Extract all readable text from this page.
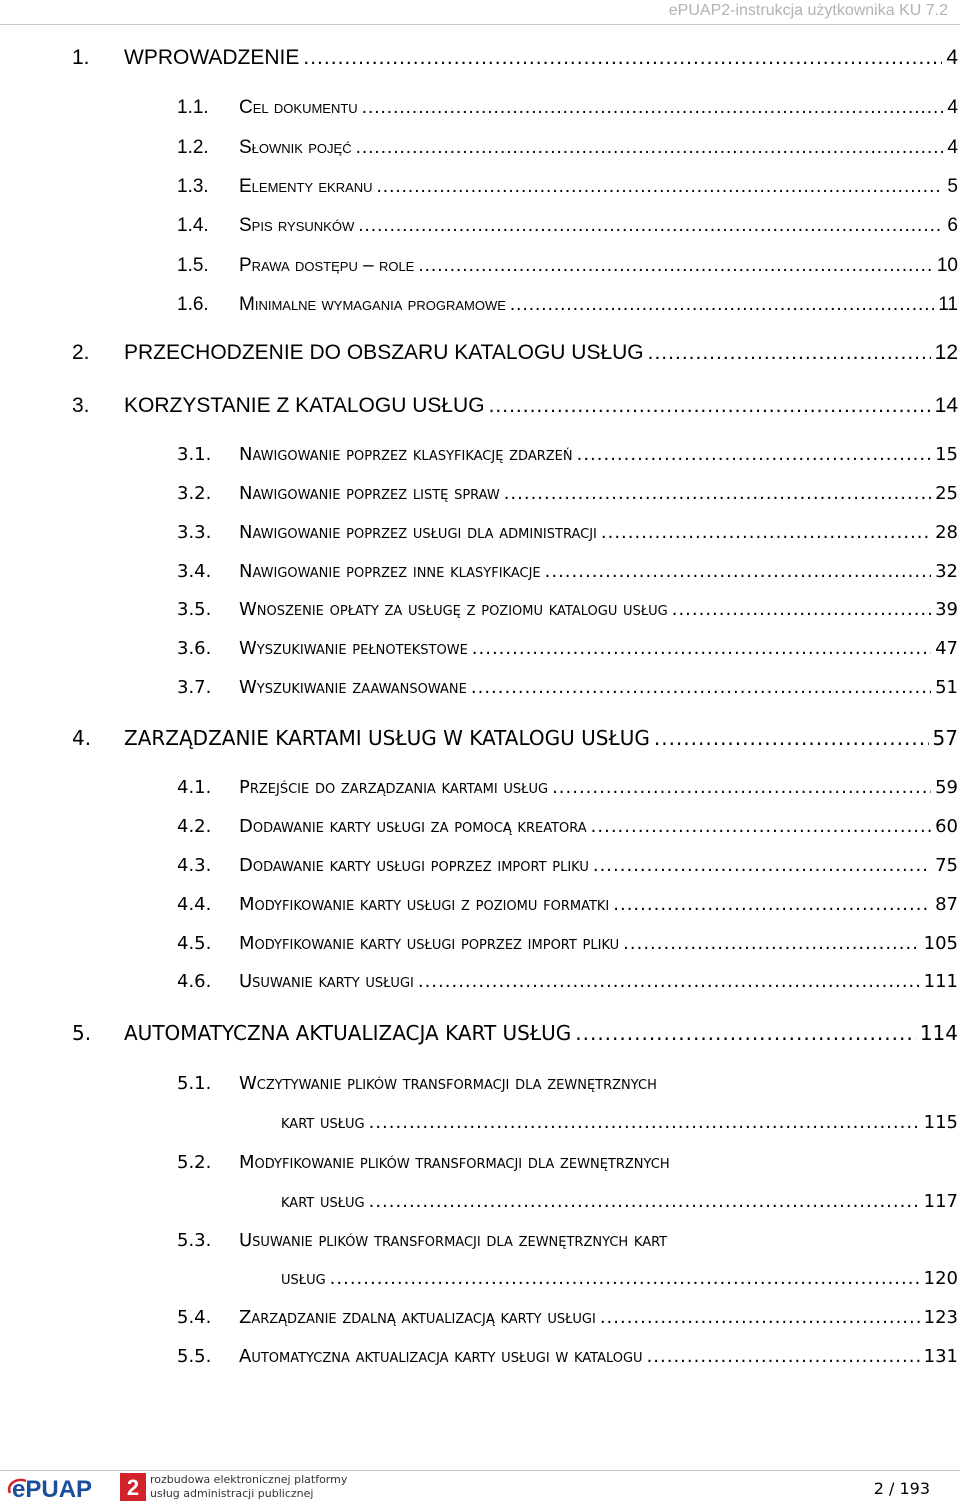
ePUAP2-instrukcja użytkownika KU 7.2
1.	WPROWADZENIE .....	4
1.1.	Cel dokumentu .....	4
1.2.	Słownik pojęć .....	4
1.3.	Elementy ekranu .....	5
1.4.	Spis rysunków .....	6
1.5.	Prawa dostępu – role .....	10
1.6.	Minimalne wymagania programowe .....	11
2.	PRZECHODZENIE DO OBSZARU KATALOGU USŁUG .....	12
3.	KORZYSTANIE Z KATALOGU USŁUG .....	14
3.1.	Nawigowanie poprzez klasyfikację zdarzeń .....	15
3.2.	Nawigowanie poprzez listę spraw .....	25
3.3.	Nawigowanie poprzez usługi dla administracji .....	28
3.4.	Nawigowanie poprzez inne klasyfikacje .....	32
3.5.	Wnoszenie opłaty za usługę z poziomu katalogu usług .....	39
3.6.	Wyszukiwanie pełnotekstowe .....	47
3.7.	Wyszukiwanie zaawansowane .....	51
4.	ZARZĄDZANIE KARTAMI USŁUG W KATALOGU USŁUG .....	57
4.1.	Przejście do zarządzania kartami usług .....	59
4.2.	Dodawanie karty usługi za pomocą kreatora .....	60
4.3.	Dodawanie karty usługi poprzez import pliku .....	75
4.4.	Modyfikowanie karty usługi z poziomu formatki .....	87
4.5.	Modyfikowanie karty usługi poprzez import pliku .....	105
4.6.	Usuwanie karty usługi .....	111
5.	AUTOMATYCZNA AKTUALIZACJA KART USŁUG .....	114
5.1.	Wczytywanie plików transformacji dla zewnętrznych
kart usług .....	115
5.2.	Modyfikowanie plików transformacji dla zewnętrznych
kart usług .....	117
5.3.	Usuwanie plików transformacji dla zewnętrznych kart
usług .....	120
5.4.	Zarządzanie zdalną aktualizacją karty usługi .....	123
5.5.	Automatyczna aktualizacja karty usługi w katalogu .....	131
ePUAP 2 rozbudowa elektronicznej platformy
usług administracji publicznej	2 / 193
